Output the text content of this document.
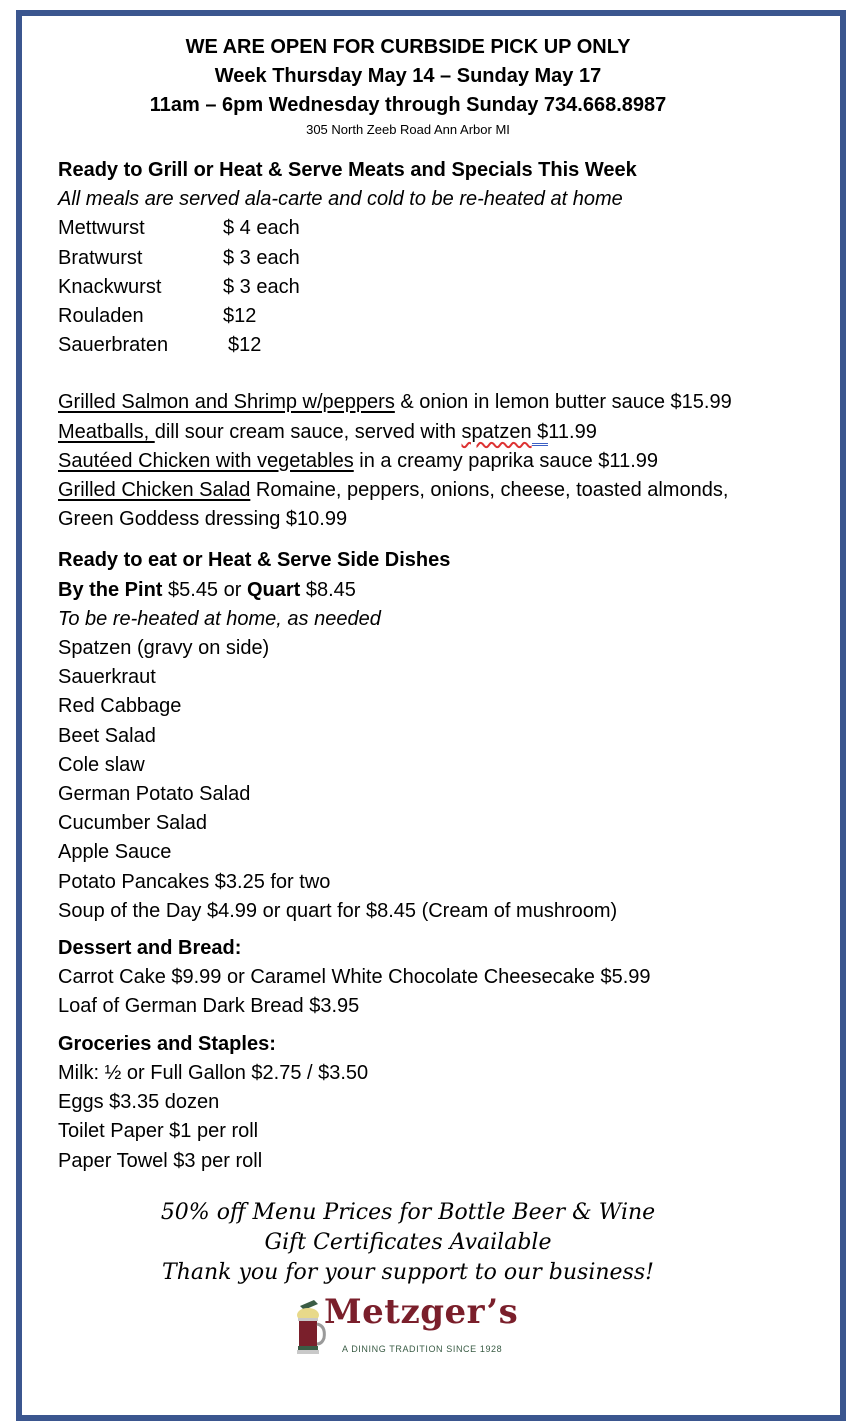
WE ARE OPEN FOR CURBSIDE PICK UP ONLY
Week Thursday May 14 – Sunday May 17
11am – 6pm Wednesday through Sunday 734.668.8987
305 North Zeeb Road Ann Arbor MI
Ready to Grill or Heat & Serve Meats and Specials This Week
All meals are served ala-carte and cold to be re-heated at home
Mettwurst	$ 4 each
Bratwurst	$ 3 each
Knackwurst	$ 3 each
Rouladen	$12
Sauerbraten	$12
Grilled Salmon and Shrimp w/peppers & onion in lemon butter sauce $15.99
Meatballs, dill sour cream sauce, served with spatzen $11.99
Sautéed Chicken with vegetables in a creamy paprika sauce $11.99
Grilled Chicken Salad Romaine, peppers, onions, cheese, toasted almonds,
Green Goddess dressing $10.99
Ready to eat or Heat & Serve Side Dishes
By the Pint $5.45 or Quart $8.45
To be re-heated at home, as needed
Spatzen (gravy on side)
Sauerkraut
Red Cabbage
Beet Salad
Cole slaw
German Potato Salad
Cucumber Salad
Apple Sauce
Potato Pancakes $3.25 for two
Soup of the Day $4.99 or quart for $8.45 (Cream of mushroom)
Dessert and Bread:
Carrot Cake $9.99 or Caramel White Chocolate Cheesecake $5.99
Loaf of German Dark Bread $3.95
Groceries and Staples:
Milk: ½ or Full Gallon $2.75 / $3.50
Eggs $3.35 dozen
Toilet Paper $1 per roll
Paper Towel $3 per roll
50% off Menu Prices for Bottle Beer & Wine
Gift Certificates Available
Thank you for your support to our business!
Metzger’s
A DINING TRADITION SINCE 1928
